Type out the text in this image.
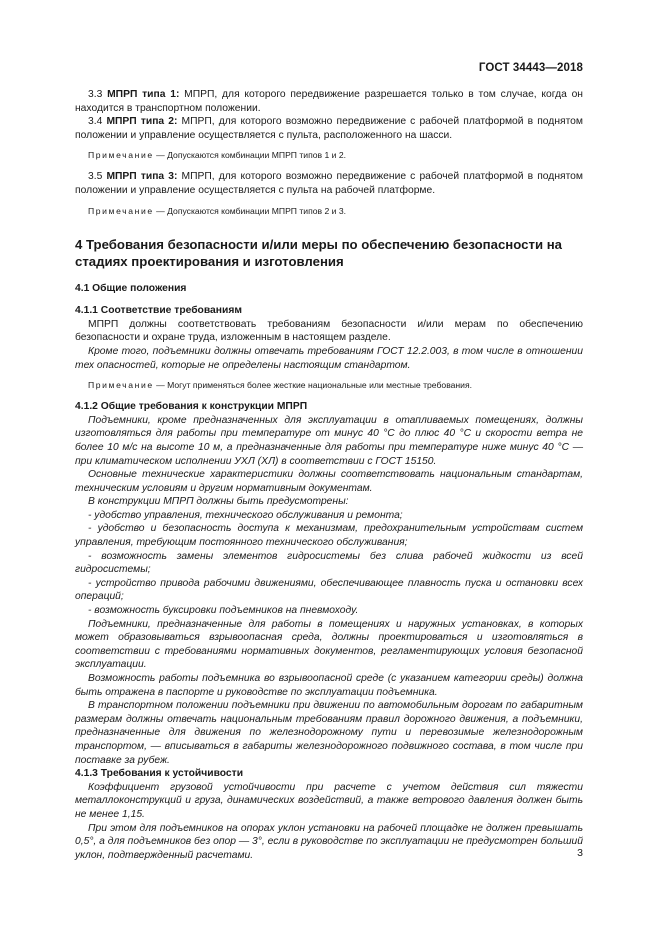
ГОСТ 34443—2018

3.3 МПРП типа 1: МПРП, для которого передвижение разрешается только в том случае, когда он находится в транспортном положении.

3.4 МПРП типа 2: МПРП, для которого возможно передвижение с рабочей платформой в поднятом положении и управление осуществляется с пульта, расположенного на шасси.

Примечание — Допускаются комбинации МПРП типов 1 и 2.

3.5 МПРП типа 3: МПРП, для которого возможно передвижение с рабочей платформой в поднятом положении и управление осуществляется с пульта на рабочей платформе.

Примечание — Допускаются комбинации МПРП типов 2 и 3.

4 Требования безопасности и/или меры по обеспечению безопасности на стадиях проектирования и изготовления

4.1 Общие положения

4.1.1 Соответствие требованиям

МПРП должны соответствовать требованиям безопасности и/или мерам по обеспечению безопасности и охране труда, изложенным в настоящем разделе.

Кроме того, подъемники должны отвечать требованиям ГОСТ 12.2.003, в том числе в отношении тех опасностей, которые не определены настоящим стандартом.

Примечание — Могут применяться более жесткие национальные или местные требования.

4.1.2 Общие требования к конструкции МПРП

Подъемники, кроме предназначенных для эксплуатации в отапливаемых помещениях, должны изготовляться для работы при температуре от минус 40 °С до плюс 40 °С и скорости ветра не более 10 м/с на высоте 10 м, а предназначенные для работы при температуре ниже минус 40 °С — при климатическом исполнении УХЛ (ХЛ) в соответствии с ГОСТ 15150.

Основные технические характеристики должны соответствовать национальным стандартам, техническим условиям и другим нормативным документам.

В конструкции МПРП должны быть предусмотрены:

- удобство управления, технического обслуживания и ремонта;

- удобство и безопасность доступа к механизмам, предохранительным устройствам систем управления, требующим постоянного технического обслуживания;

- возможность замены элементов гидросистемы без слива рабочей жидкости из всей гидросистемы;

- устройство привода рабочими движениями, обеспечивающее плавность пуска и остановки всех операций;

- возможность буксировки подъемников на пневмоходу.

Подъемники, предназначенные для работы в помещениях и наружных установках, в которых может образовываться взрывоопасная среда, должны проектироваться и изготовляться в соответствии с требованиями нормативных документов, регламентирующих условия безопасной эксплуатации.

Возможность работы подъемника во взрывоопасной среде (с указанием категории среды) должна быть отражена в паспорте и руководстве по эксплуатации подъемника.

В транспортном положении подъемники при движении по автомобильным дорогам по габаритным размерам должны отвечать национальным требованиям правил дорожного движения, а подъемники, предназначенные для движения по железнодорожному пути и перевозимые железнодорожным транспортом, — вписываться в габариты железнодорожного подвижного состава, в том числе при поставке за рубеж.

4.1.3 Требования к устойчивости

Коэффициент грузовой устойчивости при расчете с учетом действия сил тяжести металлоконструкций и груза, динамических воздействий, а также ветрового давления должен быть не менее 1,15.

При этом для подъемников на опорах уклон установки на рабочей площадке не должен превышать 0,5°, а для подъемников без опор — 3°, если в руководстве по эксплуатации не предусмотрен больший уклон, подтвержденный расчетами.	3
